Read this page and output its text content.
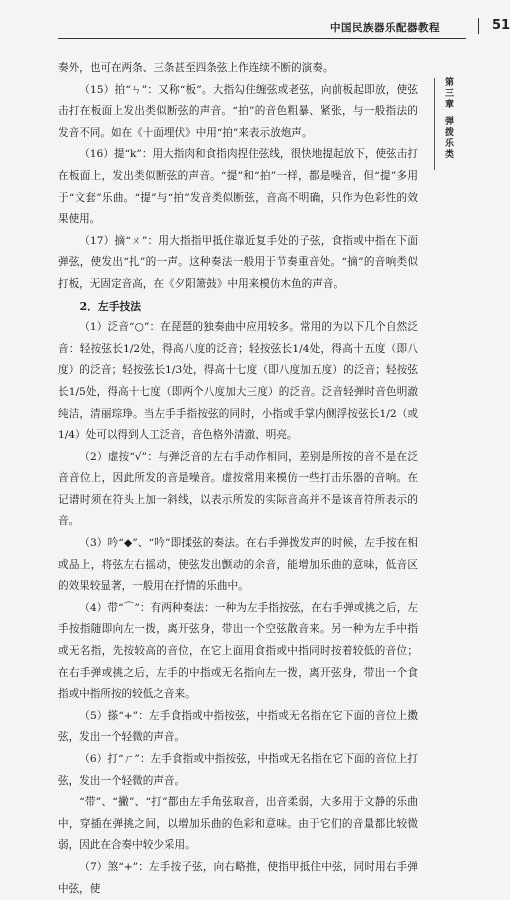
中国民族器乐配器教程	51
第三章
弹拨乐类

奏外，也可在两条、三条甚至四条弦上作连续不断的演奏。

（15）拍“ㄣ”：又称“板”。大指勾住缠弦或老弦，向前板起即放，使弦击打在板面上发出类似断弦的声音。“拍”的音色粗暴、紧张，与一般指法的发音不同。如在《十面埋伏》中用“拍”来表示放炮声。

（16）提“k”：用大指肉和食指肉捏住弦线，很快地提起放下，使弦击打在板面上，发出类似断弦的声音。“提”和“拍”一样，都是噪音，但“提”多用于“文套”乐曲。“提”与“拍”发音类似断弦，音高不明确，只作为色彩性的效果使用。

（17）摘“ㄨ”：用大指指甲抵住靠近复手处的子弦，食指或中指在下面弹弦，使发出“扎”的一声。这种奏法一般用于节奏重音处。“摘”的音响类似打板，无固定音高，在《夕阳箫鼓》中用来模仿木鱼的声音。

2．左手技法

（1）泛音“○”：在琵琶的独奏曲中应用较多。常用的为以下几个自然泛音：轻按弦长1/2处，得高八度的泛音；轻按弦长1/4处，得高十五度（即八度）的泛音；轻按弦长1/3处，得高十七度（即八度加五度）的泛音；轻按弦长1/5处，得高十七度（即两个八度加大三度）的泛音。泛音轻弹时音色明澈纯洁，清丽琮琤。当左手手指按弦的同时，小指或手掌内侧浮按弦长1/2（或1/4）处可以得到人工泛音，音色格外清澈、明亮。

（2）虚按“√”：与弹泛音的左右手动作相同，差别是所按的音不是在泛音音位上，因此所发的音是噪音。虚按常用来模仿一些打击乐器的音响。在记谱时须在符头上加一斜线，以表示所发的实际音高并不是该音符所表示的音。

（3）吟“◆”、“吟”即揉弦的奏法。在右手弹拨发声的时候，左手按在相或品上，将弦左右摇动，使弦发出颤动的余音，能增加乐曲的意味，低音区的效果较显著，一般用在抒情的乐曲中。

（4）带“⌒”：有两种奏法：一种为左手指按弦，在右手弹或挑之后，左手按指随即向左一拨，离开弦身，带出一个空弦散音来。另一种为左手中指或无名指，先按较高的音位，在它上面用食指或中指同时按着较低的音位；在右手弹或挑之后，左手的中指或无名指向左一拨，离开弦身，带出一个食指或中指所按的较低之音来。

（5）搽“+”：左手食指或中指按弦，中指或无名指在它下面的音位上擞弦，发出一个轻微的声音。

（6）打“ㄏ”：左手食指或中指按弦，中指或无名指在它下面的音位上打弦，发出一个轻微的声音。

“带”、“撇”、“打”都由左手角弦取音，出音柔弱，大多用于文静的乐曲中，穿插在弹挑之间，以增加乐曲的色彩和意味。由于它们的音量都比较微弱，因此在合奏中较少采用。

（7）煞“+”：左手按子弦，向右略推，使指甲抵住中弦，同时用右手弹中弦，使
